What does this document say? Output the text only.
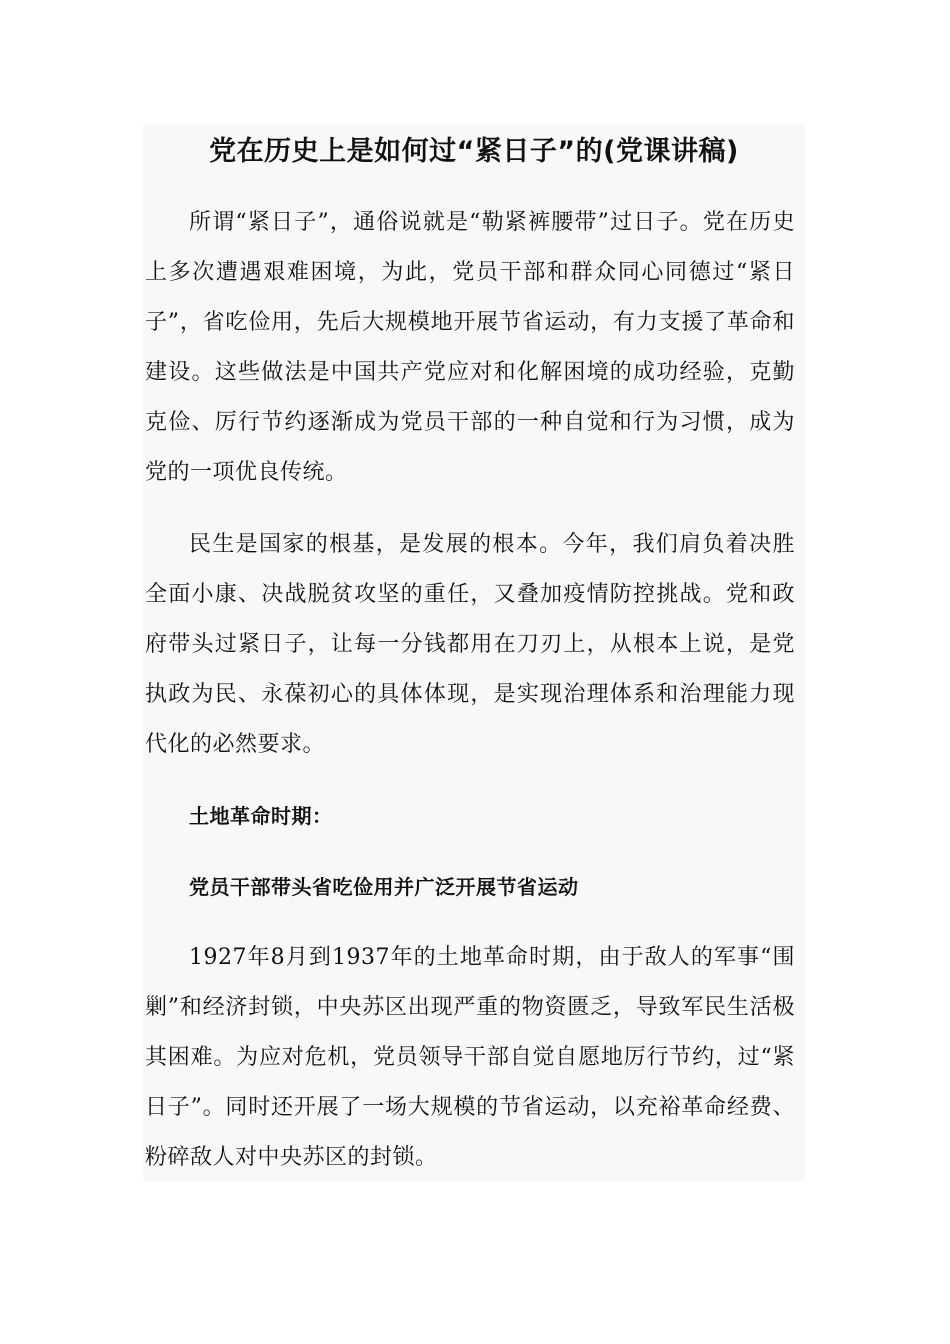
党在历史上是如何过“紧日子”的(党课讲稿)

所谓“紧日子”，通俗说就是“勒紧裤腰带”过日子。党在历史上多次遭遇艰难困境，为此，党员干部和群众同心同德过“紧日子”，省吃俭用，先后大规模地开展节省运动，有力支援了革命和建设。这些做法是中国共产党应对和化解困境的成功经验，克勤克俭、厉行节约逐渐成为党员干部的一种自觉和行为习惯，成为党的一项优良传统。

民生是国家的根基，是发展的根本。今年，我们肩负着决胜全面小康、决战脱贫攻坚的重任，又叠加疫情防控挑战。党和政府带头过紧日子，让每一分钱都用在刀刃上，从根本上说，是党执政为民、永葆初心的具体体现，是实现治理体系和治理能力现代化的必然要求。

土地革命时期：
党员干部带头省吃俭用并广泛开展节省运动

1927年8月到1937年的土地革命时期，由于敌人的军事“围剿”和经济封锁，中央苏区出现严重的物资匮乏，导致军民生活极其困难。为应对危机，党员领导干部自觉自愿地厉行节约，过“紧日子”。同时还开展了一场大规模的节省运动，以充裕革命经费、粉碎敌人对中央苏区的封锁。
